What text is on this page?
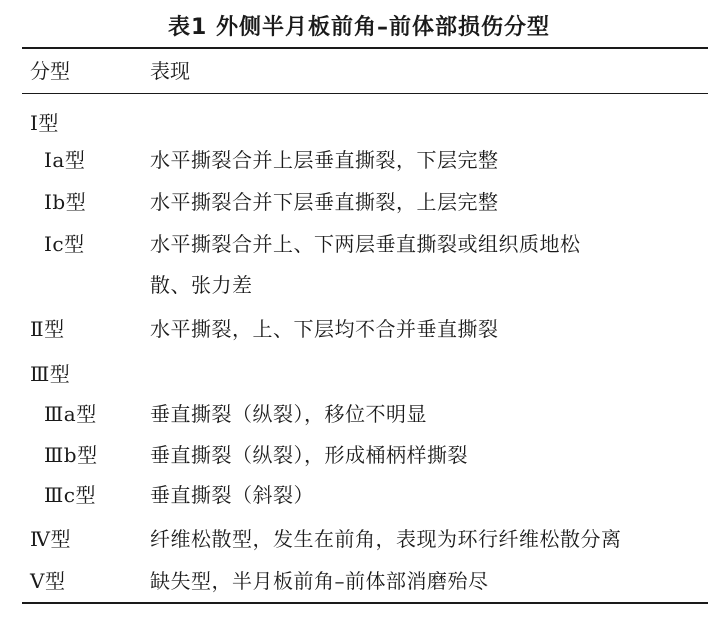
表1 外侧半月板前角–前体部损伤分型
分型	表现
Ⅰ型
Ⅰa型	水平撕裂合并上层垂直撕裂，下层完整
Ⅰb型	水平撕裂合并下层垂直撕裂，上层完整
Ⅰc型	水平撕裂合并上、下两层垂直撕裂或组织质地松
散、张力差
Ⅱ型	水平撕裂，上、下层均不合并垂直撕裂
Ⅲ型
Ⅲa型	垂直撕裂（纵裂），移位不明显
Ⅲb型	垂直撕裂（纵裂），形成桶柄样撕裂
Ⅲc型	垂直撕裂（斜裂）
Ⅳ型	纤维松散型，发生在前角，表现为环行纤维松散分离
Ⅴ型	缺失型，半月板前角–前体部消磨殆尽
